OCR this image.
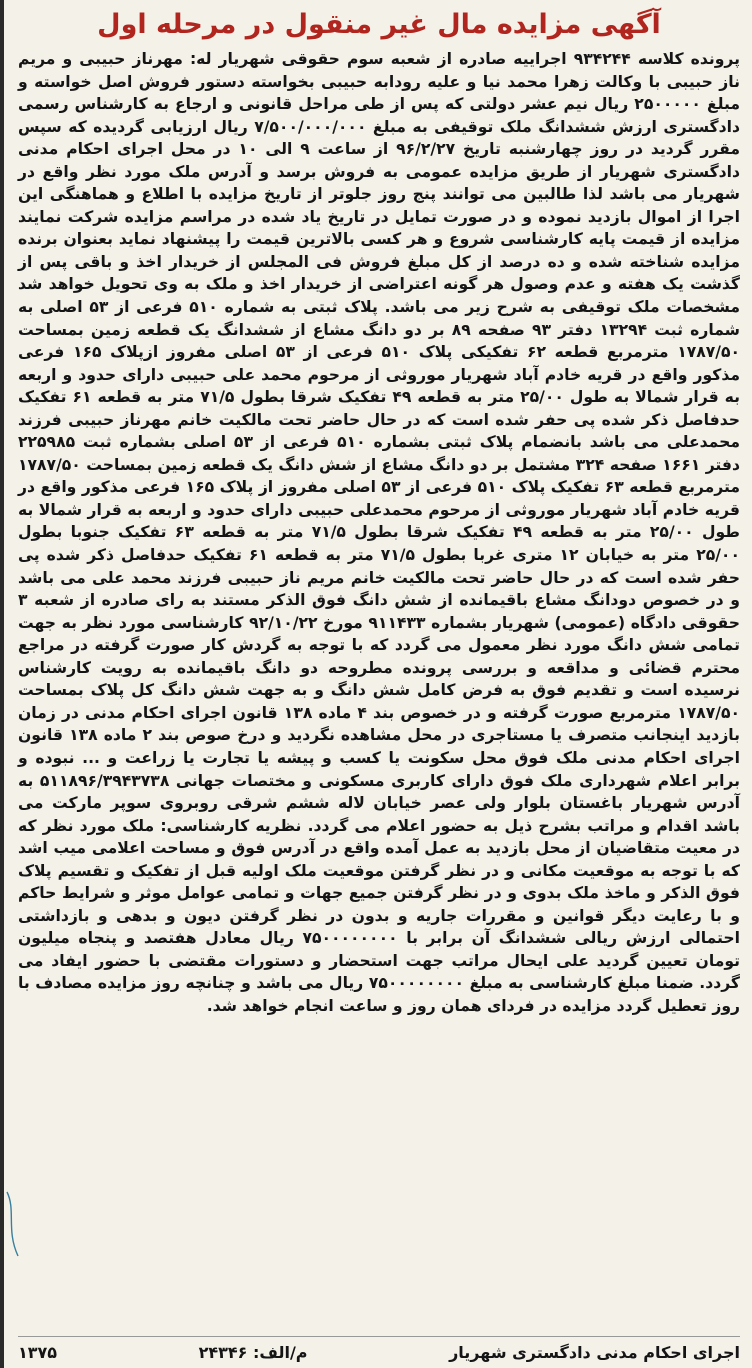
آگهی مزایده مال غیر منقول در مرحله اول

پرونده کلاسه ۹۳۴۲۴۴ اجراییه صادره از شعبه سوم حقوقی شهریار له: مهرناز حبیبی و مریم ناز حبیبی با وکالت زهرا محمد نیا و علیه رودابه حبیبی بخواسته دستور فروش اصل خواسته و مبلغ ۲۵۰۰۰۰۰ ریال نیم عشر دولتی که پس از طی مراحل قانونی و ارجاع به کارشناس رسمی دادگستری ارزش ششدانگ ملک توقیفی به مبلغ ۷/۵۰۰/۰۰۰/۰۰۰ ریال ارزیابی گردیده که سپس مقرر گردید در روز چهارشنبه تاریخ ۹۶/۲/۲۷ از ساعت ۹ الی ۱۰ در محل اجرای احکام مدنی دادگستری شهریار از طریق مزایده عمومی به فروش برسد و آدرس ملک مورد نظر واقع در شهریار می باشد لذا طالبین می توانند پنج روز جلوتر از تاریخ مزایده با اطلاع و هماهنگی این اجرا از اموال بازدید نموده و در صورت تمایل در تاریخ یاد شده در مراسم مزایده شرکت نمایند مزایده از قیمت پایه کارشناسی شروع و هر کسی بالاترین قیمت را پیشنهاد نماید بعنوان برنده مزایده شناخته شده و ده درصد از کل مبلغ فروش فی المجلس از خریدار اخذ و باقی پس از گذشت یک هفته و عدم وصول هر گونه اعتراضی از خریدار اخذ و ملک به وی تحویل خواهد شد مشخصات ملک توقیفی به شرح زیر می باشد. پلاک ثبتی به شماره ۵۱۰ فرعی از ۵۳ اصلی به شماره ثبت ۱۳۲۹۴ دفتر ۹۳ صفحه ۸۹ بر دو دانگ مشاع از ششدانگ یک قطعه زمین بمساحت ۱۷۸۷/۵۰ مترمربع قطعه ۶۲ تفکیکی پلاک ۵۱۰ فرعی از ۵۳ اصلی مفروز ازپلاک ۱۶۵ فرعی مذکور واقع در قریه خادم آباد شهریار موروثی از مرحوم محمد علی حبیبی دارای حدود و اربعه به قرار شمالا به طول ۲۵/۰۰ متر به قطعه ۴۹ تفکیک شرقا بطول ۷۱/۵ متر به قطعه ۶۱ تفکیک حدفاصل ذکر شده پی حفر شده است که در حال حاضر تحت مالکیت خانم مهرناز حبیبی فرزند محمدعلی می باشد بانضمام پلاک ثبتی بشماره ۵۱۰ فرعی از ۵۳ اصلی بشماره ثبت ۲۲۵۹۸۵ دفتر ۱۶۶۱ صفحه ۳۲۴ مشتمل بر دو دانگ مشاع از شش دانگ یک قطعه زمین بمساحت ۱۷۸۷/۵۰ مترمربع قطعه ۶۳ تفکیک پلاک ۵۱۰ فرعی از ۵۳ اصلی مفروز از پلاک ۱۶۵ فرعی مذکور واقع در قریه خادم آباد شهریار موروثی از مرحوم محمدعلی حبیبی دارای حدود و اربعه به قرار شمالا به طول ۲۵/۰۰ متر به قطعه ۴۹ تفکیک شرقا بطول ۷۱/۵ متر به قطعه ۶۳ تفکیک جنوبا بطول ۲۵/۰۰ متر به خیابان ۱۲ متری غربا بطول ۷۱/۵ متر به قطعه ۶۱ تفکیک حدفاصل ذکر شده پی حفر شده است که در حال حاضر تحت مالکیت خانم مریم ناز حبیبی فرزند محمد علی می باشد و در خصوص دودانگ مشاع باقیمانده از شش دانگ فوق الذکر مستند به رای صادره از شعبه ۳ حقوقی دادگاه (عمومی) شهریار بشماره ۹۱۱۴۳۳ مورخ ۹۲/۱۰/۲۲ کارشناسی مورد نظر به جهت تمامی شش دانگ مورد نظر معمول می گردد که با توجه به گردش کار صورت گرفته در مراجع محترم قضائی و مداقعه و بررسی پرونده مطروحه دو دانگ باقیمانده به رویت کارشناس نرسیده است و تقدیم فوق به فرض کامل شش دانگ و به جهت شش دانگ کل پلاک بمساحت ۱۷۸۷/۵۰ مترمربع صورت گرفته و در خصوص بند ۴ ماده ۱۳۸ قانون اجرای احکام مدنی در زمان بازدید اینجانب متصرف یا مستاجری در محل مشاهده نگردید و درخ صوص بند ۲ ماده ۱۳۸ قانون اجرای احکام مدنی ملک فوق محل سکونت یا کسب و پیشه یا تجارت یا زراعت و ... نبوده و برابر اعلام شهرداری ملک فوق دارای کاربری مسکونی و مختصات جهانی ۵۱۱۸۹۶/۳۹۴۳۷۳۸ به آدرس شهریار باغستان بلوار ولی عصر خیابان لاله ششم شرقی روبروی سوپر مارکت می باشد اقدام و مراتب بشرح ذیل به حضور اعلام می گردد. نظریه کارشناسی: ملک مورد نظر که در معیت متقاضیان از محل بازدید به عمل آمده واقع در آدرس فوق و مساحت اعلامی میب اشد که با توجه به موقعیت مکانی و در نظر گرفتن موقعیت ملک اولیه قبل از تفکیک و تقسیم پلاک فوق الذکر و ماخذ ملک بدوی و در نظر گرفتن جمیع جهات و تمامی عوامل موثر و شرایط حاکم و با رعایت دیگر قوانین و مقررات جاریه و بدون در نظر گرفتن دیون و بدهی و بازداشتی احتمالی ارزش ریالی ششدانگ آن برابر با ۷۵۰۰۰۰۰۰۰۰ ریال معادل هفتصد و پنجاه میلیون تومان تعیین گردید علی ایحال مراتب جهت استحضار و دستورات مقتضی با حضور ایفاد می گردد. ضمنا مبلغ کارشناسی به مبلغ ۷۵۰۰۰۰۰۰۰۰ ریال می باشد و چنانچه روز مزایده مصادف با روز تعطیل گردد مزایده در فردای همان روز و ساعت انجام خواهد شد.

اجرای احکام مدنی دادگستری شهریار
م/الف: ۲۴۳۴۶
۱۳۷۵
